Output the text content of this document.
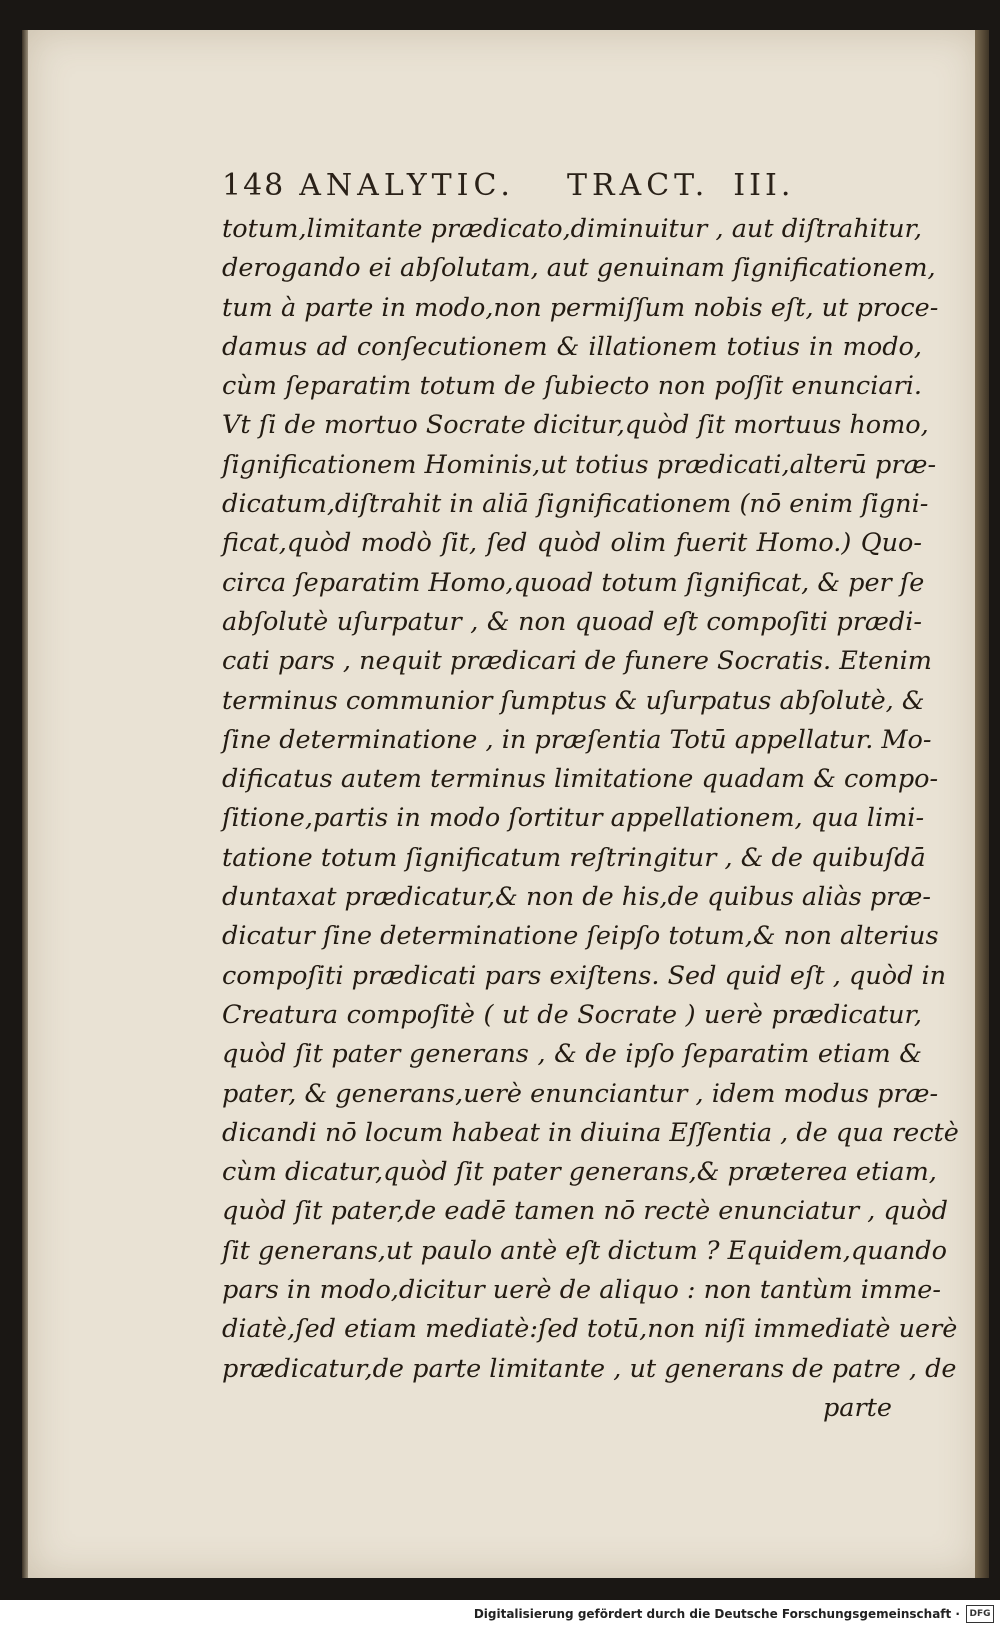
148 ANALYTIC. TRACT. III.
totum,limitante prædicato,diminuitur , aut diſtrahitur,
derogando ei abſolutam, aut genuinam ſignificationem,
tum à parte in modo,non permiſſum nobis eſt, ut proce-
damus ad conſecutionem & illationem totius in modo,
cùm ſeparatim totum de ſubiecto non poſſit enunciari.
Vt ſi de mortuo Socrate dicitur,quòd ſit mortuus homo,
ſignificationem Hominis,ut totius prædicati,alterū præ-
dicatum,diſtrahit in aliā ſignificationem (nō enim ſigni-
ficat,quòd modò ſit, ſed quòd olim fuerit Homo.) Quo-
circa ſeparatim Homo,quoad totum ſignificat, & per ſe
abſolutè uſurpatur , & non quoad eſt compoſiti prædi-
cati pars , nequit prædicari de funere Socratis. Etenim
terminus communior ſumptus & uſurpatus abſolutè, &
ſine determinatione , in præſentia Totū appellatur. Mo-
dificatus autem terminus limitatione quadam & compo-
ſitione,partis in modo ſortitur appellationem, qua limi-
tatione totum ſignificatum reſtringitur , & de quibuſdā
duntaxat prædicatur,& non de his,de quibus aliàs præ-
dicatur ſine determinatione ſeipſo totum,& non alterius
compoſiti prædicati pars exiſtens. Sed quid eſt , quòd in
Creatura compoſitè ( ut de Socrate ) uerè prædicatur,
quòd ſit pater generans , & de ipſo ſeparatim etiam &
pater, & generans,uerè enunciantur , idem modus præ-
dicandi nō locum habeat in diuina Eſſentia , de qua rectè
cùm dicatur,quòd ſit pater generans,& præterea etiam,
quòd ſit pater,de eadē tamen nō rectè enunciatur , quòd
ſit generans,ut paulo antè eſt dictum ? Equidem,quando
pars in modo,dicitur uerè de aliquo : non tantùm imme-
diatè,ſed etiam mediatè:ſed totū,non niſi immediatè uerè
prædicatur,de parte limitante , ut generans de patre , de
parte
Digitalisierung gefördert durch die Deutsche Forschungsgemeinschaft ·	DFG
